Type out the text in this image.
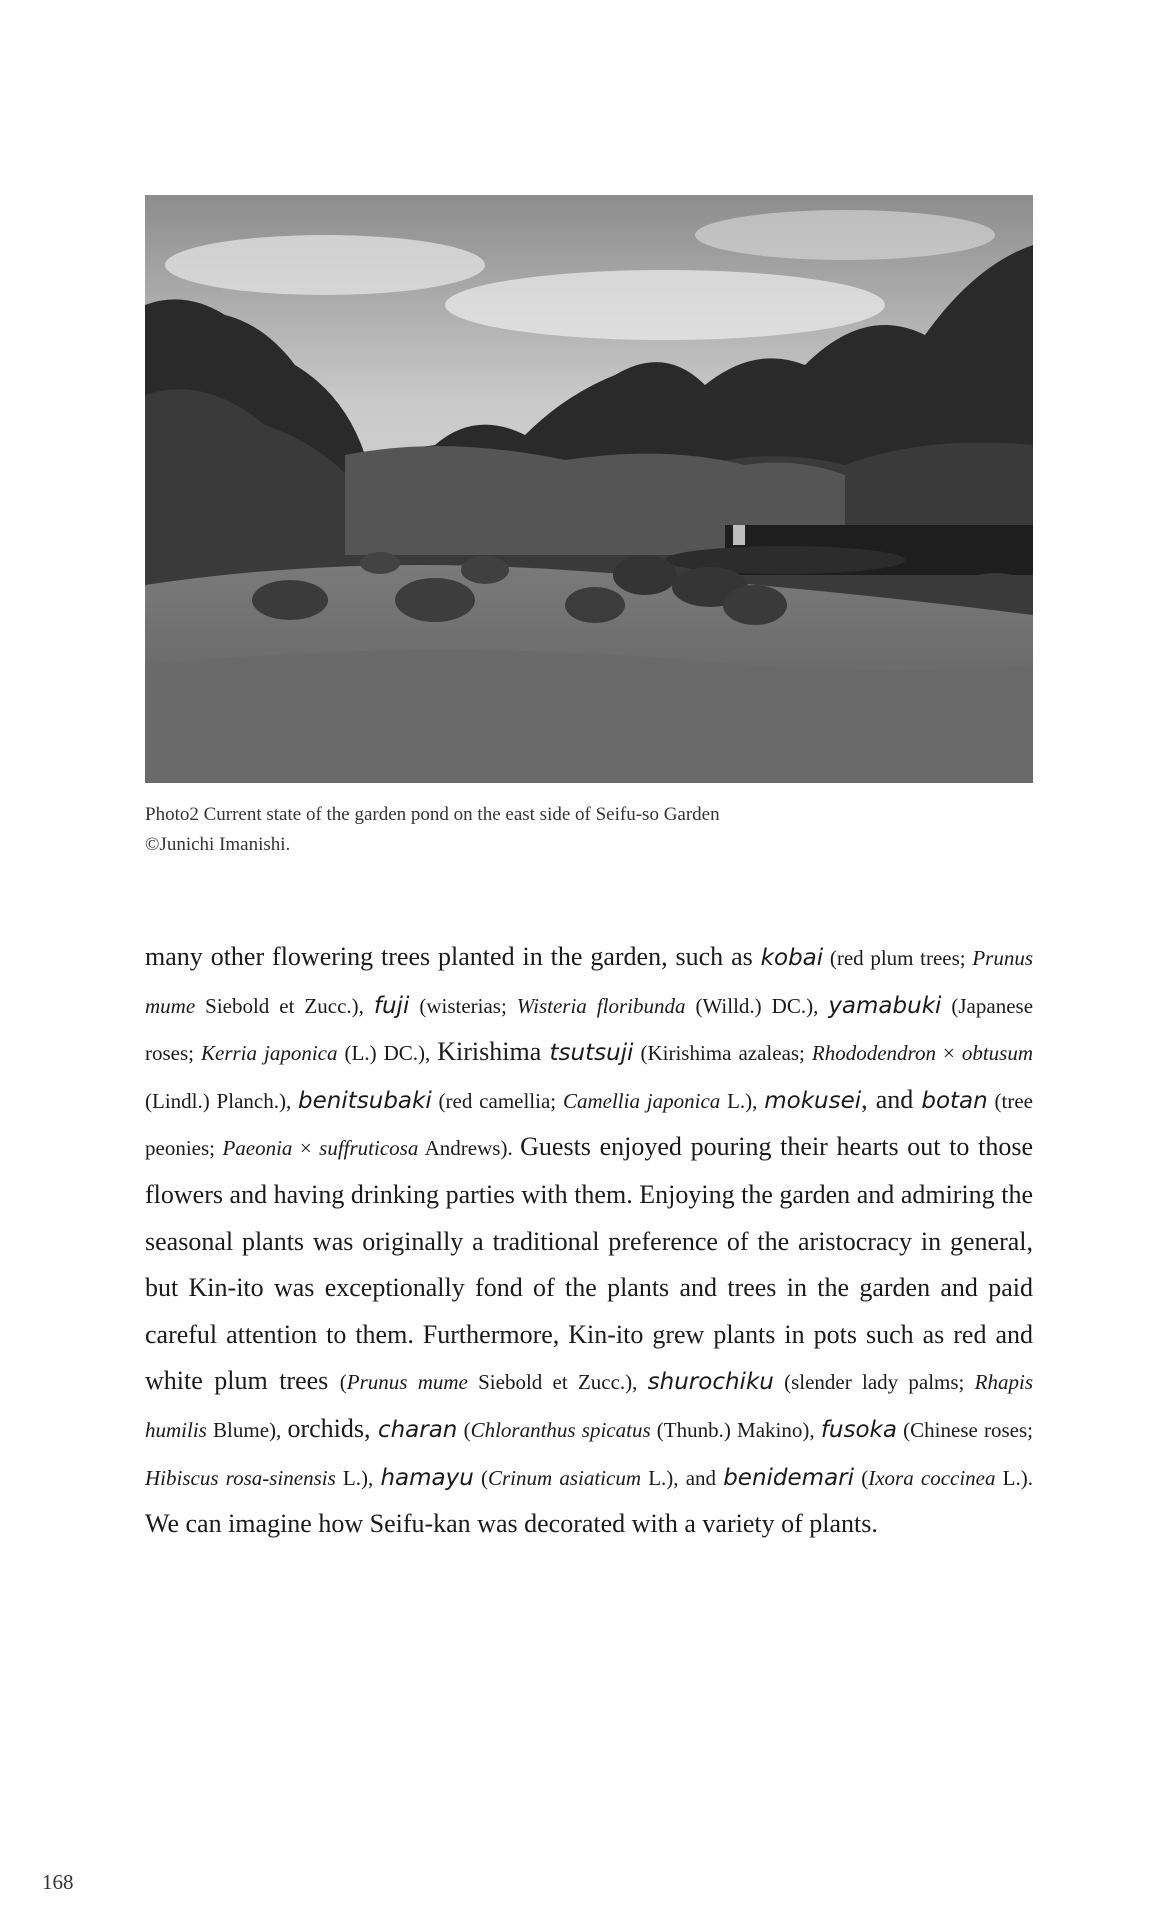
Photo2 Current state of the garden pond on the east side of Seifu-so Garden
©Junichi Imanishi.

many other flowering trees planted in the garden, such as kobai (red plum trees; Prunus mume Siebold et Zucc.), fuji (wisterias; Wisteria floribunda (Willd.) DC.), yamabuki (Japanese roses; Kerria japonica (L.) DC.), Kirishima tsutsuji (Kirishima azaleas; Rhododendron × obtusum (Lindl.) Planch.), benitsubaki (red camellia; Camellia japonica L.), mokusei, and botan (tree peonies; Paeonia × suffruticosa Andrews). Guests enjoyed pouring their hearts out to those flowers and having drinking parties with them. Enjoying the garden and admiring the seasonal plants was originally a traditional preference of the aristocracy in general, but Kin-ito was exceptionally fond of the plants and trees in the garden and paid careful attention to them. Furthermore, Kin-ito grew plants in pots such as red and white plum trees (Prunus mume Siebold et Zucc.), shurochiku (slender lady palms; Rhapis humilis Blume), orchids, charan (Chloranthus spicatus (Thunb.) Makino), fusoka (Chinese roses; Hibiscus rosa-sinensis L.), hamayu (Crinum asiaticum L.), and benidemari (Ixora coccinea L.). We can imagine how Seifu-kan was decorated with a variety of plants.

168
